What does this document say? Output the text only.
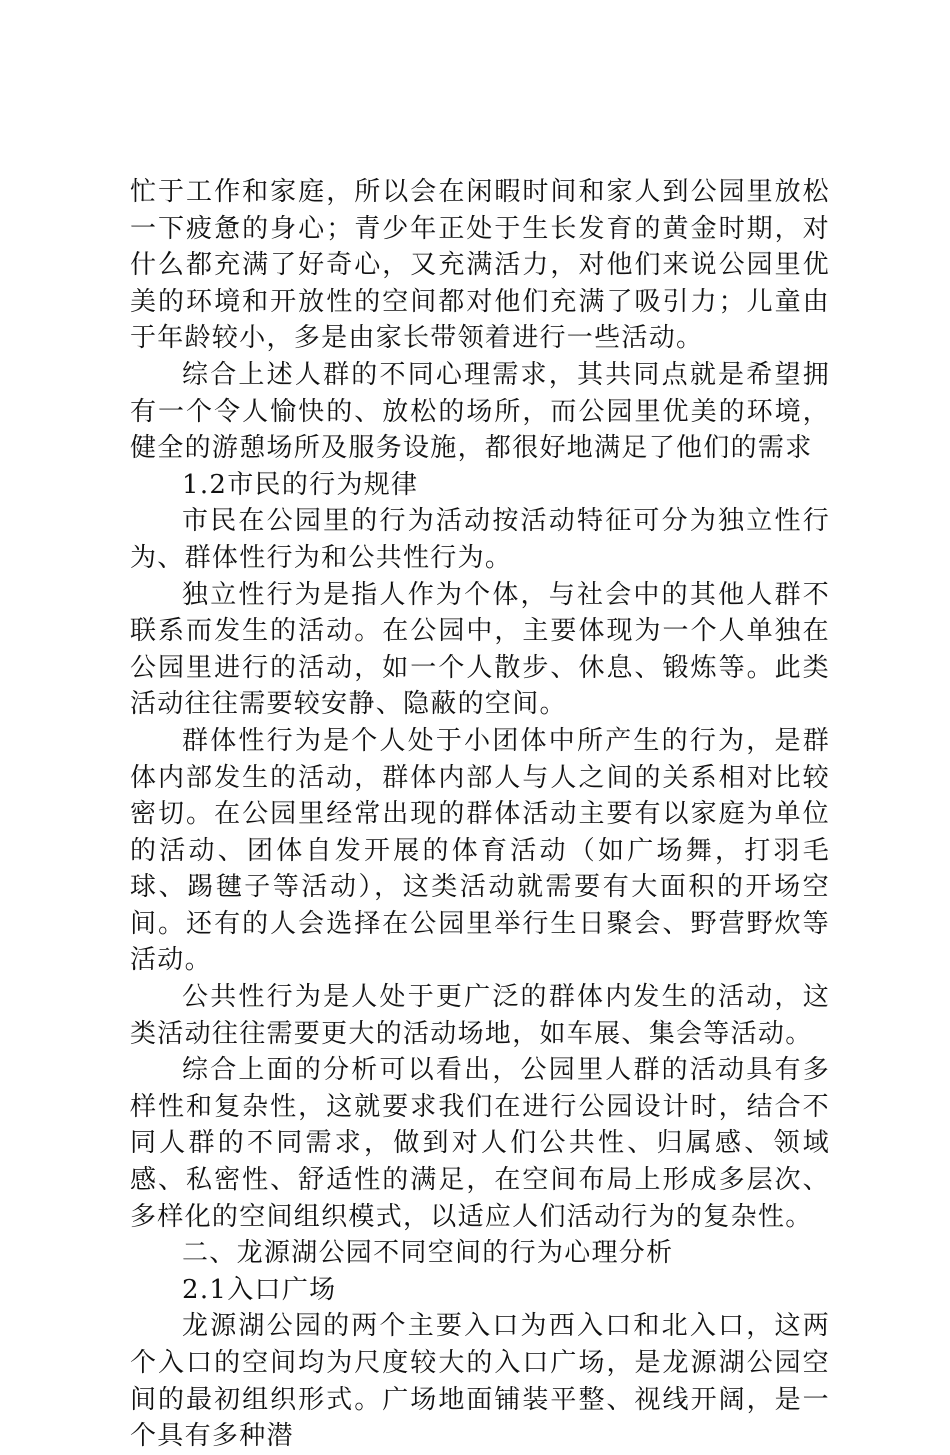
忙于工作和家庭，所以会在闲暇时间和家人到公园里放松一下疲惫的身心；青少年正处于生长发育的黄金时期，对什么都充满了好奇心，又充满活力，对他们来说公园里优美的环境和开放性的空间都对他们充满了吸引力；儿童由于年龄较小，多是由家长带领着进行一些活动。

综合上述人群的不同心理需求，其共同点就是希望拥有一个令人愉快的、放松的场所，而公园里优美的环境，健全的游憩场所及服务设施，都很好地满足了他们的需求

1.2市民的行为规律

市民在公园里的行为活动按活动特征可分为独立性行为、群体性行为和公共性行为。

独立性行为是指人作为个体，与社会中的其他人群不联系而发生的活动。在公园中，主要体现为一个人单独在公园里进行的活动，如一个人散步、休息、锻炼等。此类活动往往需要较安静、隐蔽的空间。

群体性行为是个人处于小团体中所产生的行为，是群体内部发生的活动，群体内部人与人之间的关系相对比较密切。在公园里经常出现的群体活动主要有以家庭为单位的活动、团体自发开展的体育活动（如广场舞，打羽毛球、踢毽子等活动），这类活动就需要有大面积的开场空间。还有的人会选择在公园里举行生日聚会、野营野炊等活动。

公共性行为是人处于更广泛的群体内发生的活动，这类活动往往需要更大的活动场地，如车展、集会等活动。

综合上面的分析可以看出，公园里人群的活动具有多样性和复杂性，这就要求我们在进行公园设计时，结合不同人群的不同需求，做到对人们公共性、归属感、领域感、私密性、舒适性的满足，在空间布局上形成多层次、多样化的空间组织模式，以适应人们活动行为的复杂性。

二、龙源湖公园不同空间的行为心理分析

2.1入口广场

龙源湖公园的两个主要入口为西入口和北入口，这两个入口的空间均为尺度较大的入口广场，是龙源湖公园空间的最初组织形式。广场地面铺装平整、视线开阔，是一个具有多种潜
